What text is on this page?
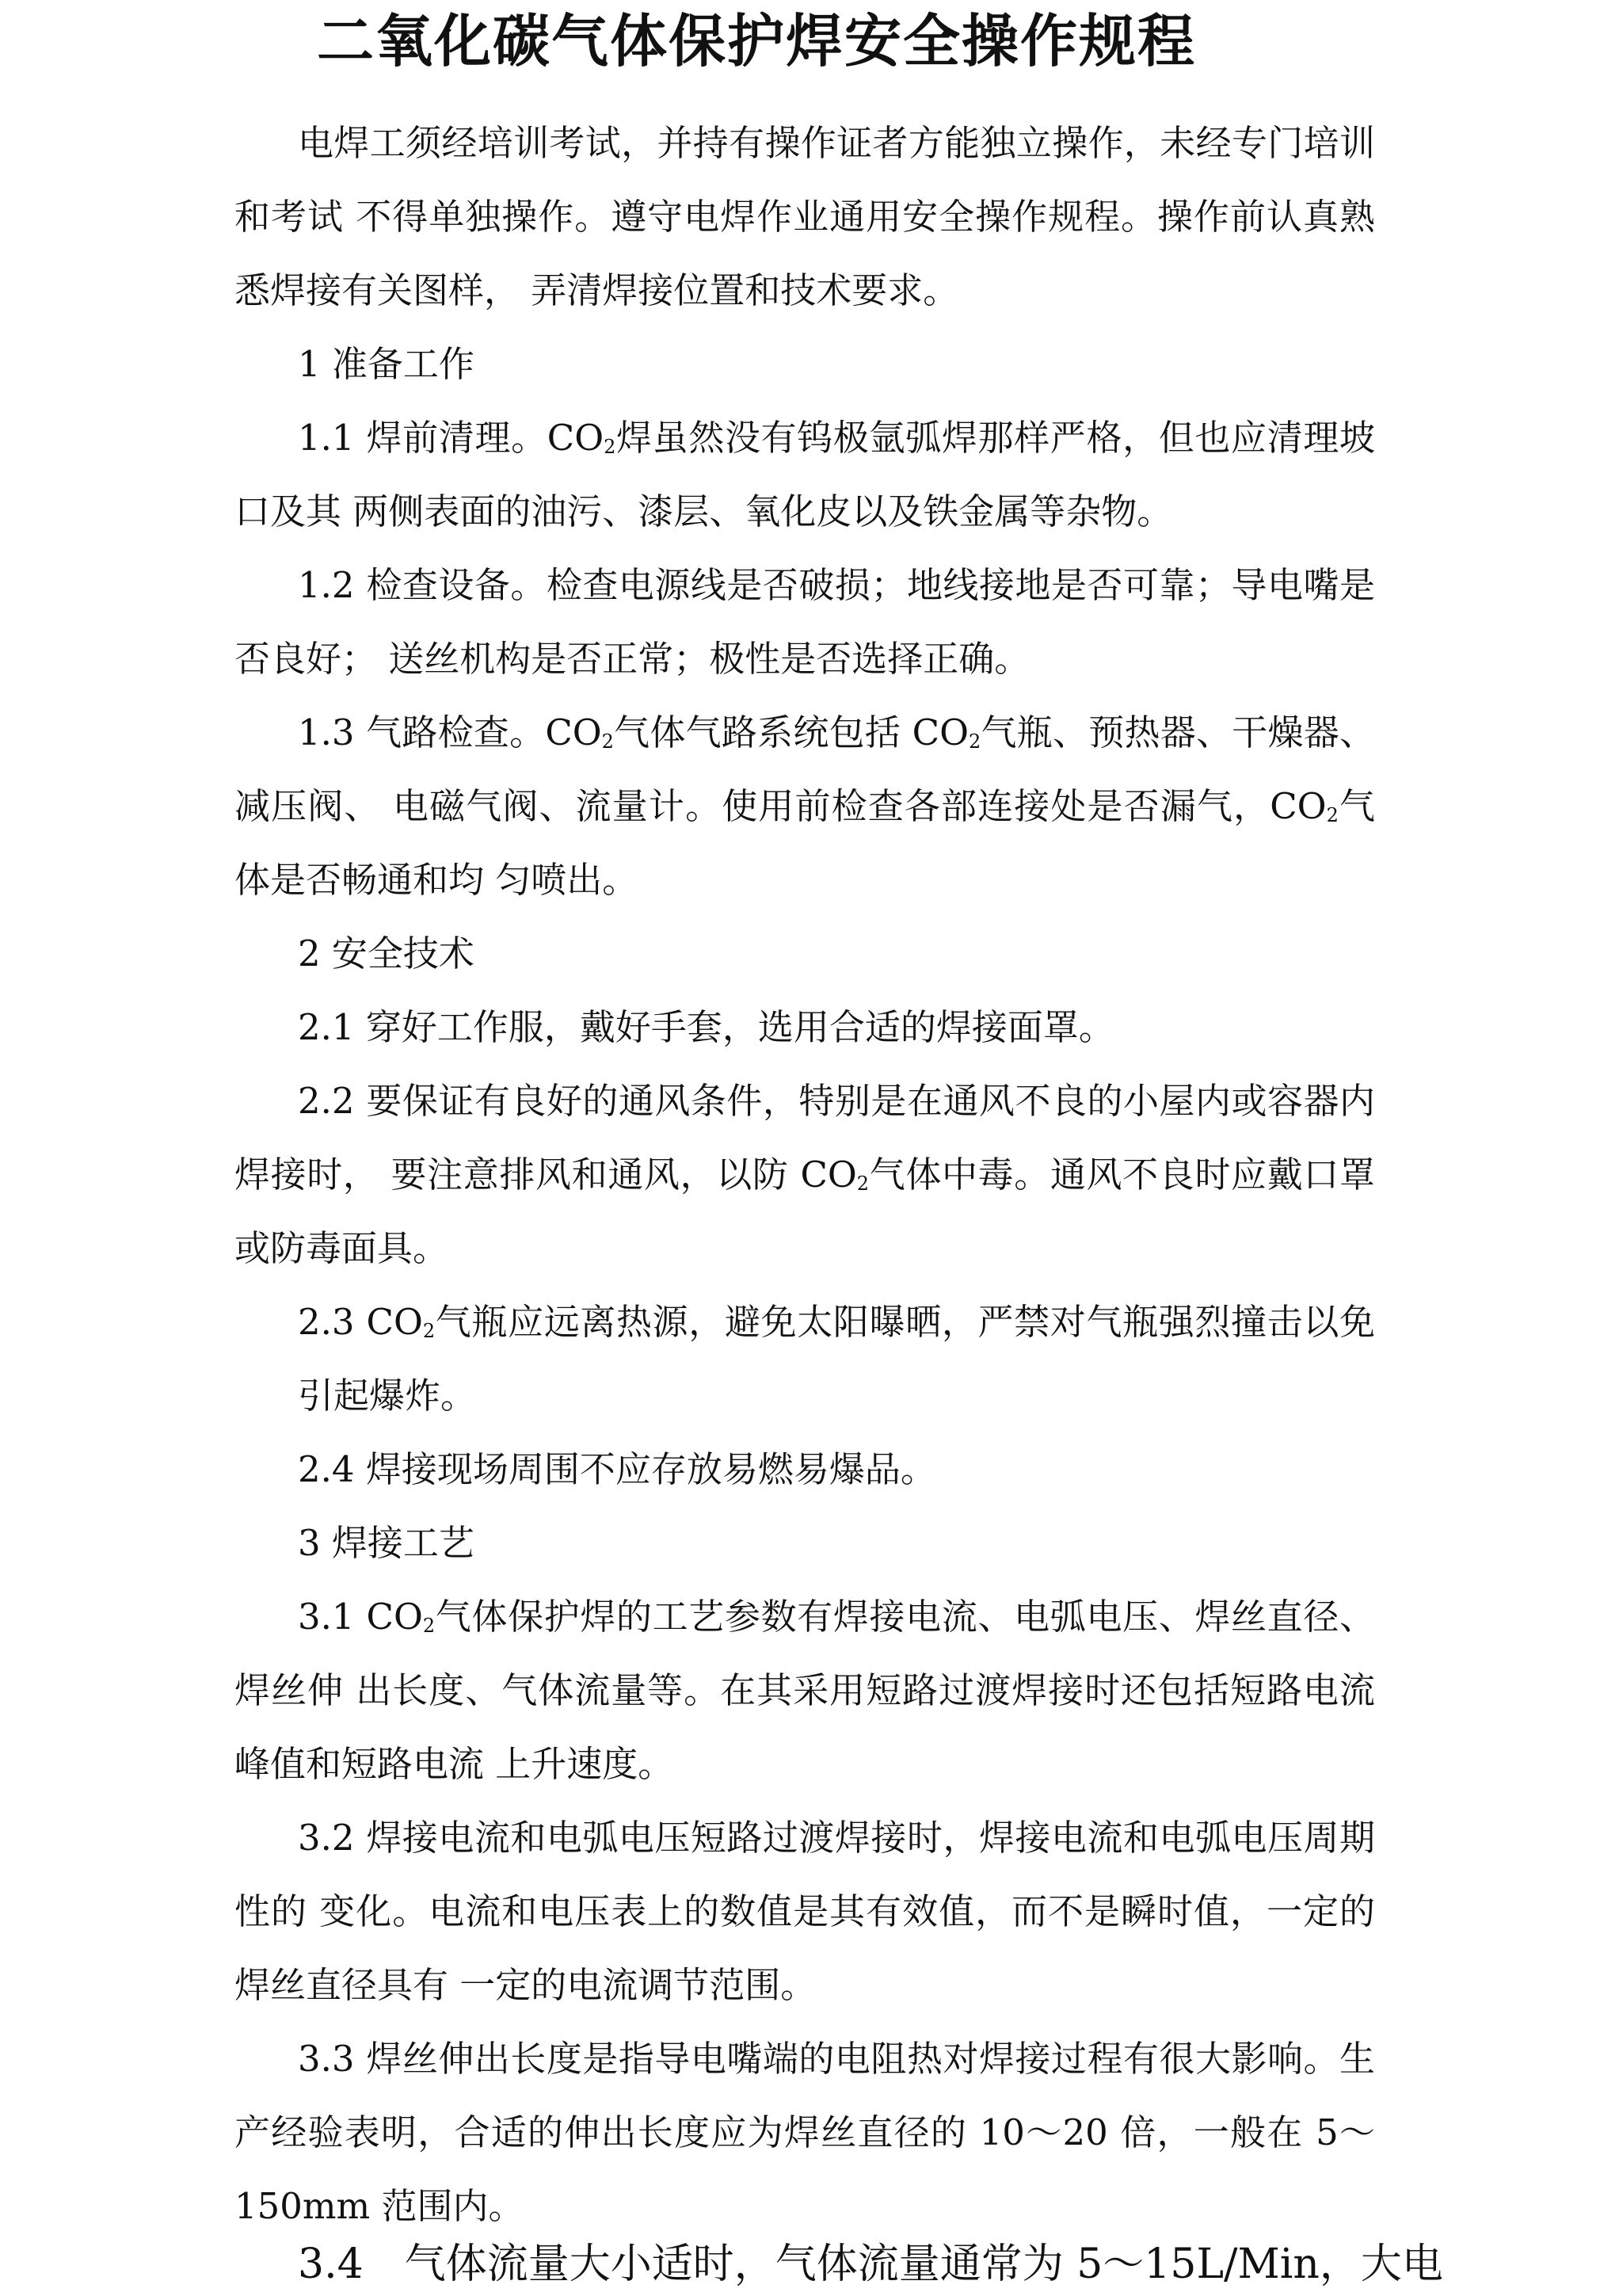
二氧化碳气体保护焊安全操作规程

电焊工须经培训考试，并持有操作证者方能独立操作，未经专门培训和考试 不得单独操作。遵守电焊作业通用安全操作规程。操作前认真熟悉焊接有关图样， 弄清焊接位置和技术要求。

1 准备工作

1.1 焊前清理。$CO_2$焊虽然没有钨极氩弧焊那样严格，但也应清理坡口及其 两侧表面的油污、漆层、氧化皮以及铁金属等杂物。

1.2 检查设备。检查电源线是否破损；地线接地是否可靠；导电嘴是否良好； 送丝机构是否正常；极性是否选择正确。

1.3 气路检查。$CO_2$气体气路系统包括 $CO_2$气瓶、预热器、干燥器、减压阀、 电磁气阀、流量计。使用前检查各部连接处是否漏气，$CO_2$气体是否畅通和均 匀喷出。

2 安全技术

2.1 穿好工作服，戴好手套，选用合适的焊接面罩。

2.2 要保证有良好的通风条件，特别是在通风不良的小屋内或容器内焊接时， 要注意排风和通风，以防 $CO_2$气体中毒。通风不良时应戴口罩或防毒面具。

2.3 $CO_2$气瓶应远离热源，避免太阳曝晒，严禁对气瓶强烈撞击以免引起爆炸。

2.4 焊接现场周围不应存放易燃易爆品。

3 焊接工艺

3.1 $CO_2$气体保护焊的工艺参数有焊接电流、电弧电压、焊丝直径、焊丝伸 出长度、气体流量等。在其采用短路过渡焊接时还包括短路电流峰值和短路电流 上升速度。

3.2 焊接电流和电弧电压短路过渡焊接时，焊接电流和电弧电压周期性的 变化。电流和电压表上的数值是其有效值，而不是瞬时值，一定的焊丝直径具有 一定的电流调节范围。

3.3 焊丝伸出长度是指导电嘴端的电阻热对焊接过程有很大影响。生产经验表明，合适的伸出长度应为焊丝直径的 10～20 倍，一般在 5～150mm 范围内。

3.4　气体流量大小适时，气体流量通常为 5～15L/Min，大电
